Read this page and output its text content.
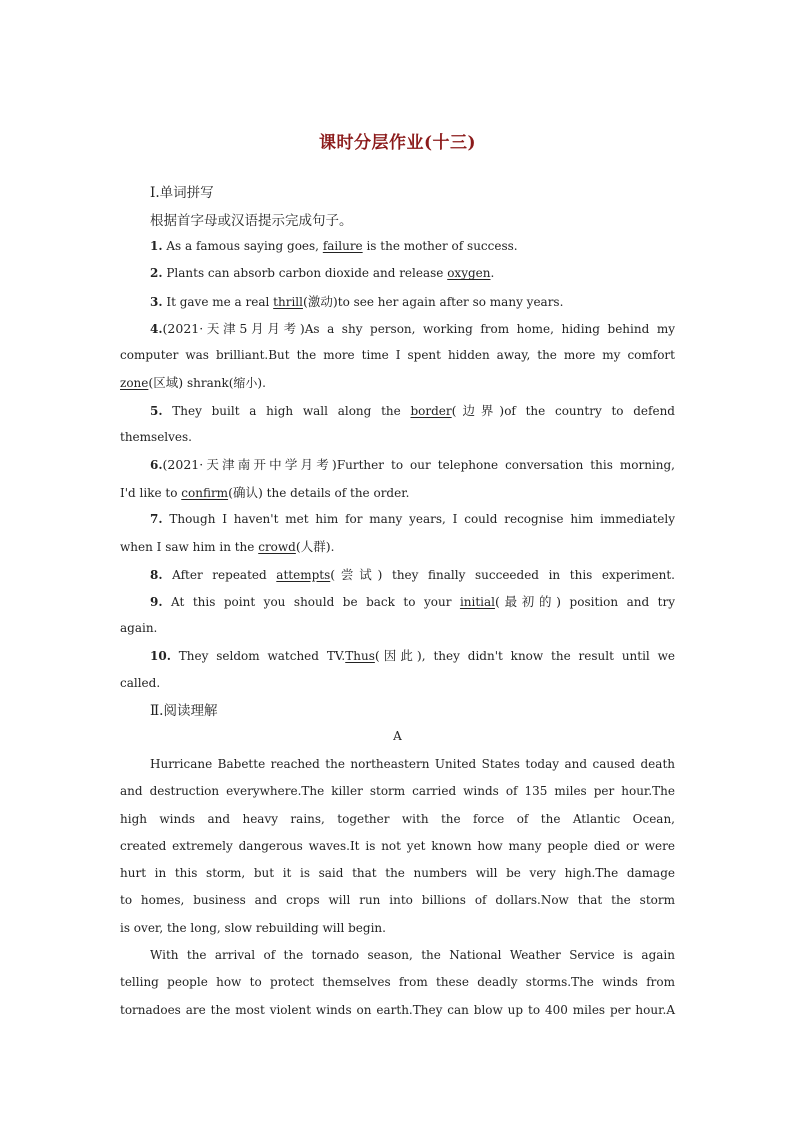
课时分层作业(十三)
Ⅰ.单词拼写
根据首字母或汉语提示完成句子。
1. As a famous saying goes, failure is the mother of success.
2. Plants can absorb carbon dioxide and release oxygen.
3. It gave me a real thrill(激动)to see her again after so many years.
4.(2021·天津5月月考)As a shy person, working from home, hiding behind my
computer was brilliant.But the more time I spent hidden away, the more my comfort
zone(区域) shrank(缩小).
5. They built a high wall along the border(边界)of the country to defend
themselves.
6.(2021·天津南开中学月考)Further to our telephone conversation this morning,
I'd like to confirm(确认) the details of the order.
7. Though I haven't met him for many years, I could recognise him immediately
when I saw him in the crowd(人群).
8. After repeated attempts(尝试) they finally succeeded in this experiment.
9. At this point you should be back to your initial(最初的) position and try
again.
10. They seldom watched TV.Thus(因此), they didn't know the result until we
called.
Ⅱ.阅读理解
A
Hurricane Babette reached the northeastern United States today and caused death
and destruction everywhere.The killer storm carried winds of 135 miles per hour.The
high winds and heavy rains, together with the force of the Atlantic Ocean,
created extremely dangerous waves.It is not yet known how many people died or were
hurt in this storm, but it is said that the numbers will be very high.The damage
to homes, business and crops will run into billions of dollars.Now that the storm
is over, the long, slow rebuilding will begin.
With the arrival of the tornado season, the National Weather Service is again
telling people how to protect themselves from these deadly storms.The winds from
tornadoes are the most violent winds on earth.They can blow up to 400 miles per hour.A
